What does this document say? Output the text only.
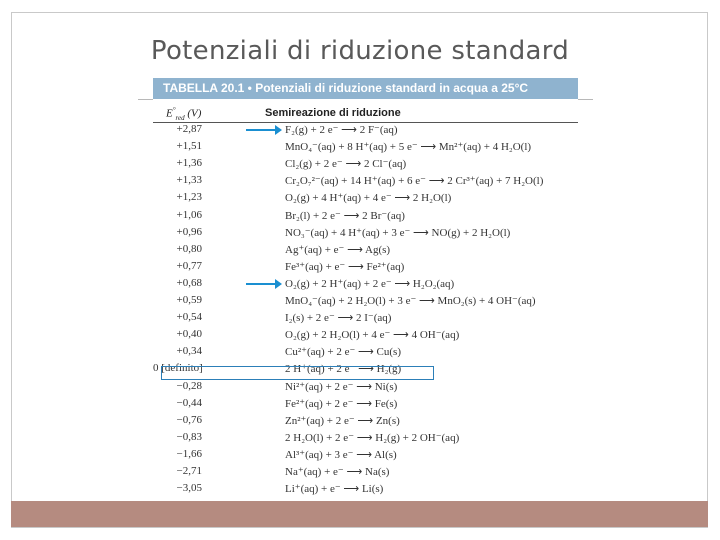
Potenziali di riduzione standard
TABELLA 20.1 • Potenziali di riduzione standard in acqua a 25°C
$E^\circ_{red}$ (V)	Semireazione di riduzione
+2,87	F₂(g) + 2 e⁻ ⟶ 2 F⁻(aq)
+1,51	MnO₄⁻(aq) + 8 H⁺(aq) + 5 e⁻ ⟶ Mn²⁺(aq) + 4 H₂O(l)
+1,36	Cl₂(g) + 2 e⁻ ⟶ 2 Cl⁻(aq)
+1,33	Cr₂O₇²⁻(aq) + 14 H⁺(aq) + 6 e⁻ ⟶ 2 Cr³⁺(aq) + 7 H₂O(l)
+1,23	O₂(g) + 4 H⁺(aq) + 4 e⁻ ⟶ 2 H₂O(l)
+1,06	Br₂(l) + 2 e⁻ ⟶ 2 Br⁻(aq)
+0,96	NO₃⁻(aq) + 4 H⁺(aq) + 3 e⁻ ⟶ NO(g) + 2 H₂O(l)
+0,80	Ag⁺(aq) + e⁻ ⟶ Ag(s)
+0,77	Fe³⁺(aq) + e⁻ ⟶ Fe²⁺(aq)
+0,68	O₂(g) + 2 H⁺(aq) + 2 e⁻ ⟶ H₂O₂(aq)
+0,59	MnO₄⁻(aq) + 2 H₂O(l) + 3 e⁻ ⟶ MnO₂(s) + 4 OH⁻(aq)
+0,54	I₂(s) + 2 e⁻ ⟶ 2 I⁻(aq)
+0,40	O₂(g) + 2 H₂O(l) + 4 e⁻ ⟶ 4 OH⁻(aq)
+0,34	Cu²⁺(aq) + 2 e⁻ ⟶ Cu(s)
0 [definito]	2 H⁺(aq) + 2 e⁻ ⟶ H₂(g)
−0,28	Ni²⁺(aq) + 2 e⁻ ⟶ Ni(s)
−0,44	Fe²⁺(aq) + 2 e⁻ ⟶ Fe(s)
−0,76	Zn²⁺(aq) + 2 e⁻ ⟶ Zn(s)
−0,83	2 H₂O(l) + 2 e⁻ ⟶ H₂(g) + 2 OH⁻(aq)
−1,66	Al³⁺(aq) + 3 e⁻ ⟶ Al(s)
−2,71	Na⁺(aq) + e⁻ ⟶ Na(s)
−3,05	Li⁺(aq) + e⁻ ⟶ Li(s)
